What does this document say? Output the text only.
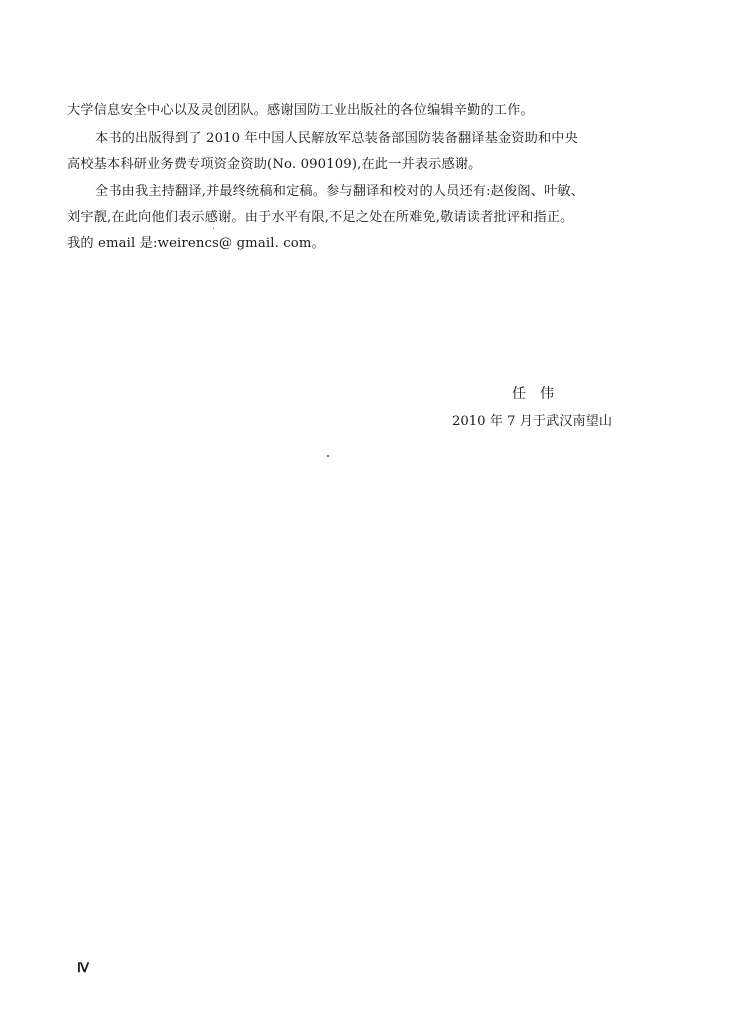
大学信息安全中心以及灵创团队。感谢国防工业出版社的各位编辑辛勤的工作。

本书的出版得到了 2010 年中国人民解放军总装备部国防装备翻译基金资助和中央
高校基本科研业务费专项资金资助(No. 090109),在此一并表示感谢。

全书由我主持翻译,并最终统稿和定稿。参与翻译和校对的人员还有:赵俊阁、叶敏、
刘宇靓,在此向他们表示感谢。由于水平有限,不足之处在所难免,敬请读者批评和指正。
我的 email 是:weirencs@ gmail. com。

任伟
2010 年 7 月于武汉南望山
Ⅳ
